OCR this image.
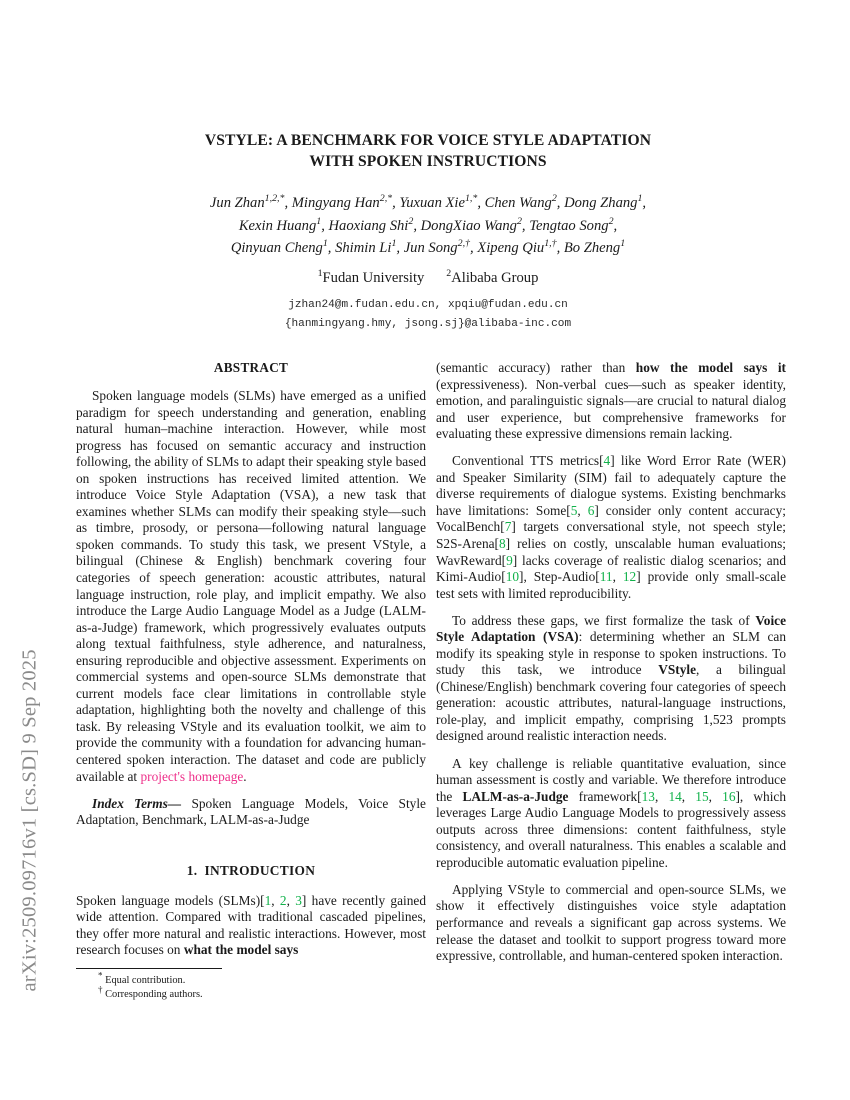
arXiv:2509.09716v1 [cs.SD] 9 Sep 2025
VSTYLE: A BENCHMARK FOR VOICE STYLE ADAPTATION
WITH SPOKEN INSTRUCTIONS
Jun Zhan$^{1,2,*}$, Mingyang Han$^{2,*}$, Yuxuan Xie$^{1,*}$, Chen Wang$^2$, Dong Zhang$^1$,
Kexin Huang$^1$, Haoxiang Shi$^2$, DongXiao Wang$^2$, Tengtao Song$^2$,
Qinyuan Cheng$^1$, Shimin Li$^1$, Jun Song$^{2,\dagger}$, Xipeng Qiu$^{1,\dagger}$, Bo Zheng$^1$
$^1$Fudan University $^2$Alibaba Group
jzhan24@m.fudan.edu.cn, xpqiu@fudan.edu.cn
{hanmingyang.hmy, jsong.sj}@alibaba-inc.com
ABSTRACT

Spoken language models (SLMs) have emerged as a unified paradigm for speech understanding and generation, enabling natural human–machine interaction. However, while most progress has focused on semantic accuracy and instruction following, the ability of SLMs to adapt their speaking style based on spoken instructions has received limited attention. We introduce Voice Style Adaptation (VSA), a new task that examines whether SLMs can modify their speaking style—such as timbre, prosody, or persona—following natural language spoken commands. To study this task, we present VStyle, a bilingual (Chinese & English) benchmark covering four categories of speech generation: acoustic attributes, natural language instruction, role play, and implicit empathy. We also introduce the Large Audio Language Model as a Judge (LALM-as-a-Judge) framework, which progressively evaluates outputs along textual faithfulness, style adherence, and naturalness, ensuring reproducible and objective assessment. Experiments on commercial systems and open-source SLMs demonstrate that current models face clear limitations in controllable style adaptation, highlighting both the novelty and challenge of this task. By releasing VStyle and its evaluation toolkit, we aim to provide the community with a foundation for advancing human-centered spoken interaction. The dataset and code are publicly available at project's homepage.

Index Terms— Spoken Language Models, Voice Style Adaptation, Benchmark, LALM-as-a-Judge

1. INTRODUCTION

Spoken language models (SLMs)[1, 2, 3] have recently gained wide attention. Compared with traditional cascaded pipelines, they offer more natural and realistic interactions. However, most research focuses on what the model says

(semantic accuracy) rather than how the model says it (expressiveness). Non-verbal cues—such as speaker identity, emotion, and paralinguistic signals—are crucial to natural dialog and user experience, but comprehensive frameworks for evaluating these expressive dimensions remain lacking.

Conventional TTS metrics[4] like Word Error Rate (WER) and Speaker Similarity (SIM) fail to adequately capture the diverse requirements of dialogue systems. Existing benchmarks have limitations: Some[5, 6] consider only content accuracy; VocalBench[7] targets conversational style, not speech style; S2S-Arena[8] relies on costly, unscalable human evaluations; WavReward[9] lacks coverage of realistic dialog scenarios; and Kimi-Audio[10], Step-Audio[11, 12] provide only small-scale test sets with limited reproducibility.

To address these gaps, we first formalize the task of Voice Style Adaptation (VSA): determining whether an SLM can modify its speaking style in response to spoken instructions. To study this task, we introduce VStyle, a bilingual (Chinese/English) benchmark covering four categories of speech generation: acoustic attributes, natural-language instructions, role-play, and implicit empathy, comprising 1,523 prompts designed around realistic interaction needs.

A key challenge is reliable quantitative evaluation, since human assessment is costly and variable. We therefore introduce the LALM-as-a-Judge framework[13, 14, 15, 16], which leverages Large Audio Language Models to progressively assess outputs across three dimensions: content faithfulness, style consistency, and overall naturalness. This enables a scalable and reproducible automatic evaluation pipeline.

Applying VStyle to commercial and open-source SLMs, we show it effectively distinguishes voice style adaptation performance and reveals a significant gap across systems. We release the dataset and toolkit to support progress toward more expressive, controllable, and human-centered spoken interaction.

* Equal contribution.
† Corresponding authors.
